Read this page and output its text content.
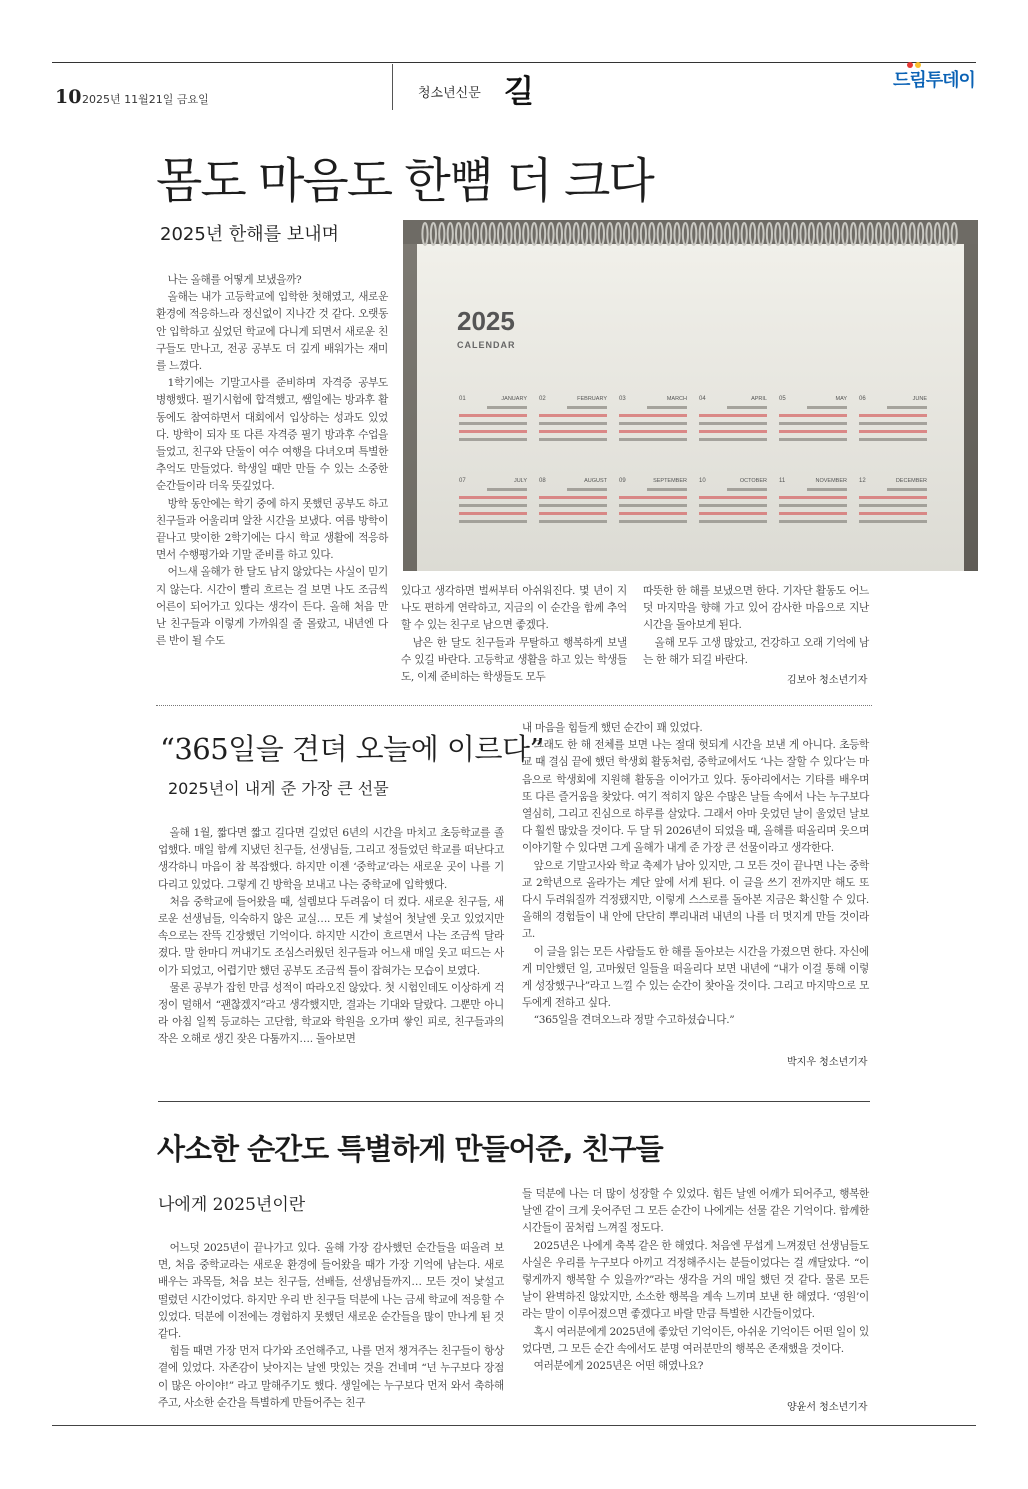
10 2025년 11월21일 금요일	청소년신문 길	드림투데이
몸도 마음도 한뼘 더 크다
2025년 한해를 보내며

나는 올해를 어떻게 보냈을까?

올해는 내가 고등학교에 입학한 첫해였고, 새로운 환경에 적응하느라 정신없이 지나간 것 같다. 오랫동안 입학하고 싶었던 학교에 다니게 되면서 새로운 친구들도 만나고, 전공 공부도 더 깊게 배워가는 재미를 느꼈다.

1학기에는 기말고사를 준비하며 자격증 공부도 병행했다. 필기시험에 합격했고, 쌤일에는 방과후 활동에도 참여하면서 대회에서 입상하는 성과도 있었다. 방학이 되자 또 다른 자격증 필기 방과후 수업을 들었고, 친구와 단둘이 여수 여행을 다녀오며 특별한 추억도 만들었다. 학생일 때만 만들 수 있는 소중한 순간들이라 더욱 뜻깊었다.

방학 동안에는 학기 중에 하지 못했던 공부도 하고 친구들과 어울리며 알찬 시간을 보냈다. 여름 방학이 끝나고 맞이한 2학기에는 다시 학교 생활에 적응하면서 수행평가와 기말 준비를 하고 있다.

어느새 올해가 한 달도 남지 않았다는 사실이 믿기지 않는다. 시간이 빨리 흐르는 걸 보면 나도 조금씩 어른이 되어가고 있다는 생각이 든다. 올해 처음 만난 친구들과 이렇게 가까워질 줄 몰랐고, 내년엔 다른 반이 될 수도

있다고 생각하면 벌써부터 아쉬워진다. 몇 년이 지나도 편하게 연락하고, 지금의 이 순간을 함께 추억할 수 있는 친구로 남으면 좋겠다.

남은 한 달도 친구들과 무탈하고 행복하게 보낼 수 있길 바란다. 고등학교 생활을 하고 있는 학생들도, 이제 준비하는 학생들도 모두

따뜻한 한 해를 보냈으면 한다. 기자단 활동도 어느덧 마지막을 향해 가고 있어 감사한 마음으로 지난 시간을 돌아보게 된다.

올해 모두 고생 많았고, 건강하고 오래 기억에 남는 한 해가 되길 바란다.

김보아 청소년기자
2025
CALENDAR
01	JANUARY 02	FEBRUARY 03	MARCH 04	APRIL 05	MAY 06	JUNE
07	JULY 08	AUGUST 09	SEPTEMBER 10	OCTOBER 11	NOVEMBER 12	DECEMBER
“365일을 견뎌 오늘에 이르다”
2025년이 내게 준 가장 큰 선물

올해 1월, 짧다면 짧고 길다면 길었던 6년의 시간을 마치고 초등학교를 졸업했다. 매일 함께 지냈던 친구들, 선생님들, 그리고 정들었던 학교를 떠난다고 생각하니 마음이 참 복잡했다. 하지만 이젠 ‘중학교’라는 새로운 곳이 나를 기다리고 있었다. 그렇게 긴 방학을 보내고 나는 중학교에 입학했다.

처음 중학교에 들어왔을 때, 설렘보다 두려움이 더 컸다. 새로운 친구들, 새로운 선생님들, 익숙하지 않은 교실…. 모든 게 낯설어 첫날엔 웃고 있었지만 속으로는 잔뜩 긴장했던 기억이다. 하지만 시간이 흐르면서 나는 조금씩 달라졌다. 말 한마디 꺼내기도 조심스러웠던 친구들과 어느새 매일 웃고 떠드는 사이가 되었고, 어렵기만 했던 공부도 조금씩 틀이 잡혀가는 모습이 보였다.

물론 공부가 잡힌 만큼 성적이 따라오진 않았다. 첫 시험인데도 이상하게 걱정이 덜해서 “괜찮겠지”라고 생각했지만, 결과는 기대와 달랐다. 그뿐만 아니라 아침 일찍 등교하는 고단함, 학교와 학원을 오가며 쌓인 피로, 친구들과의 작은 오해로 생긴 잦은 다툼까지…. 돌아보면

내 마음을 힘들게 했던 순간이 꽤 있었다.

그래도 한 해 전체를 보면 나는 절대 헛되게 시간을 보낸 게 아니다. 초등학교 때 결심 끝에 했던 학생회 활동처럼, 중학교에서도 ‘나는 잘할 수 있다’는 마음으로 학생회에 지원해 활동을 이어가고 있다. 동아리에서는 기타를 배우며 또 다른 즐거움을 찾았다. 여기 적히지 않은 수많은 날들 속에서 나는 누구보다 열심히, 그리고 진심으로 하루를 살았다. 그래서 아마 웃었던 날이 울었던 날보다 훨씬 많았을 것이다. 두 달 뒤 2026년이 되었을 때, 올해를 떠올리며 웃으며 이야기할 수 있다면 그게 올해가 내게 준 가장 큰 선물이라고 생각한다.

앞으로 기말고사와 학교 축제가 남아 있지만, 그 모든 것이 끝나면 나는 중학교 2학년으로 올라가는 계단 앞에 서게 된다. 이 글을 쓰기 전까지만 해도 또 다시 두려워질까 걱정됐지만, 이렇게 스스로를 돌아본 지금은 확신할 수 있다. 올해의 경험들이 내 안에 단단히 뿌리내려 내년의 나를 더 멋지게 만들 것이라고.

이 글을 읽는 모든 사람들도 한 해를 돌아보는 시간을 가졌으면 한다. 자신에게 미안했던 일, 고마웠던 일들을 떠올리다 보면 내년에 “내가 이걸 통해 이렇게 성장했구나”라고 느낄 수 있는 순간이 찾아올 것이다. 그리고 마지막으로 모두에게 전하고 싶다.

“365일을 견뎌오느라 정말 수고하셨습니다.”

박지우 청소년기자
사소한 순간도 특별하게 만들어준, 친구들
나에게 2025년이란

어느덧 2025년이 끝나가고 있다. 올해 가장 감사했던 순간들을 떠올려 보면, 처음 중학교라는 새로운 환경에 들어왔을 때가 가장 기억에 남는다. 새로 배우는 과목들, 처음 보는 친구들, 선배들, 선생님들까지… 모든 것이 낯설고 떨렸던 시간이었다. 하지만 우리 반 친구들 덕분에 나는 금세 학교에 적응할 수 있었다. 덕분에 이전에는 경험하지 못했던 새로운 순간들을 많이 만나게 된 것 같다.

힘들 때면 가장 먼저 다가와 조언해주고, 나를 먼저 챙겨주는 친구들이 항상 곁에 있었다. 자존감이 낮아지는 날엔 맛있는 것을 건네며 “넌 누구보다 장점이 많은 아이야!” 라고 말해주기도 했다. 생일에는 누구보다 먼저 와서 축하해주고, 사소한 순간을 특별하게 만들어주는 친구

들 덕분에 나는 더 많이 성장할 수 있었다. 힘든 날엔 어깨가 되어주고, 행복한 날엔 같이 크게 웃어주던 그 모든 순간이 나에게는 선물 같은 기억이다. 함께한 시간들이 꿈처럼 느껴질 정도다.

2025년은 나에게 축복 같은 한 해였다. 처음엔 무섭게 느껴졌던 선생님들도 사실은 우리를 누구보다 아끼고 걱정해주시는 분들이었다는 걸 깨달았다. “이렇게까지 행복할 수 있을까?”라는 생각을 거의 매일 했던 것 같다. 물론 모든 날이 완벽하진 않았지만, 소소한 행복을 계속 느끼며 보낸 한 해였다. ‘영원’이라는 말이 이루어졌으면 좋겠다고 바랄 만큼 특별한 시간들이었다.

혹시 여러분에게 2025년에 좋았던 기억이든, 아쉬운 기억이든 어떤 일이 있었다면, 그 모든 순간 속에서도 분명 여러분만의 행복은 존재했을 것이다.

여러분에게 2025년은 어떤 해였나요?

양윤서 청소년기자
